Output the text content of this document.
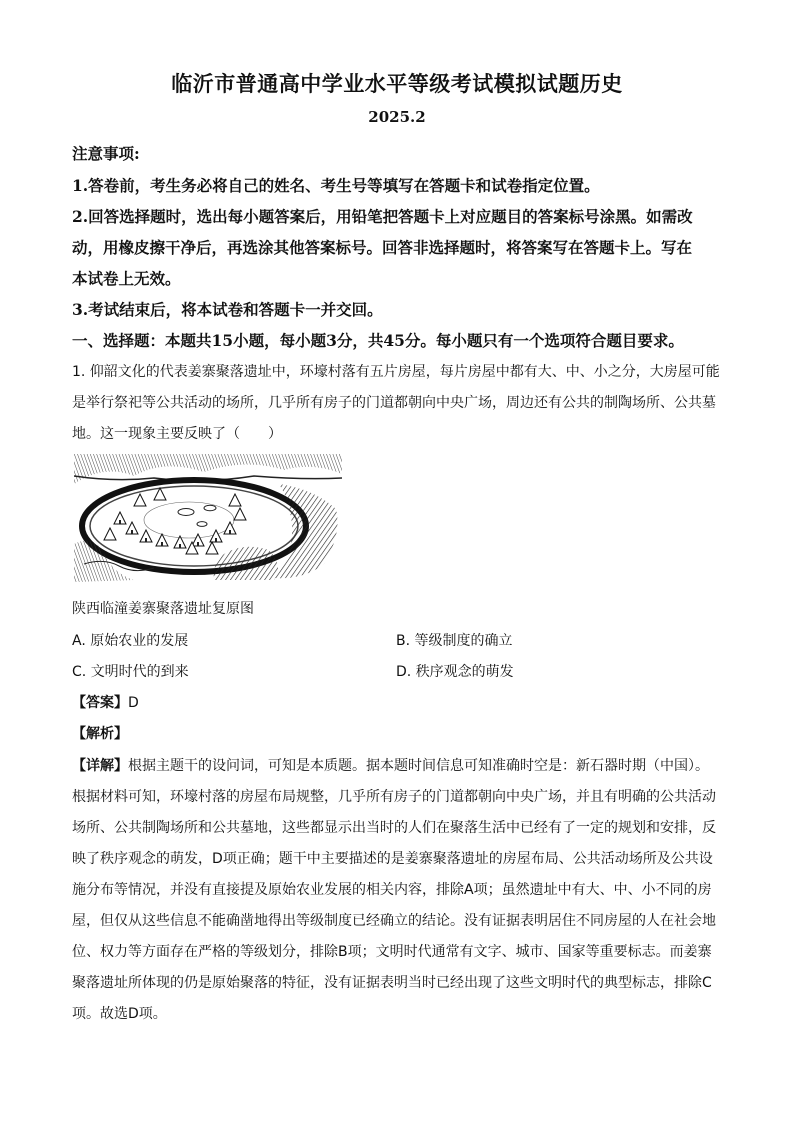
临沂市普通高中学业水平等级考试模拟试题历史
2025.2
注意事项:
1.答卷前，考生务必将自己的姓名、考生号等填写在答题卡和试卷指定位置。
2.回答选择题时，选出每小题答案后，用铅笔把答题卡上对应题目的答案标号涂黑。如需改
动，用橡皮擦干净后，再选涂其他答案标号。回答非选择题时，将答案写在答题卡上。写在
本试卷上无效。
3.考试结束后，将本试卷和答题卡一并交回。
一、选择题：本题共15小题，每小题3分，共45分。每小题只有一个选项符合题目要求。
1. 仰韶文化的代表姜寨聚落遗址中，环壕村落有五片房屋，每片房屋中都有大、中、小之分，大房屋可能
是举行祭祀等公共活动的场所，几乎所有房子的门道都朝向中央广场，周边还有公共的制陶场所、公共墓
地。这一现象主要反映了（　　）
陕西临潼姜寨聚落遗址复原图
A. 原始农业的发展	B. 等级制度的确立
C. 文明时代的到来	D. 秩序观念的萌发
【答案】D
【解析】
【详解】根据主题干的设问词，可知是本质题。据本题时间信息可知准确时空是：新石器时期（中国）。
根据材料可知，环壕村落的房屋布局规整，几乎所有房子的门道都朝向中央广场，并且有明确的公共活动
场所、公共制陶场所和公共墓地，这些都显示出当时的人们在聚落生活中已经有了一定的规划和安排，反
映了秩序观念的萌发，D项正确；题干中主要描述的是姜寨聚落遗址的房屋布局、公共活动场所及公共设
施分布等情况，并没有直接提及原始农业发展的相关内容，排除A项；虽然遗址中有大、中、小不同的房
屋，但仅从这些信息不能确凿地得出等级制度已经确立的结论。没有证据表明居住不同房屋的人在社会地
位、权力等方面存在严格的等级划分，排除B项；文明时代通常有文字、城市、国家等重要标志。而姜寨
聚落遗址所体现的仍是原始聚落的特征，没有证据表明当时已经出现了这些文明时代的典型标志，排除C
项。故选D项。
